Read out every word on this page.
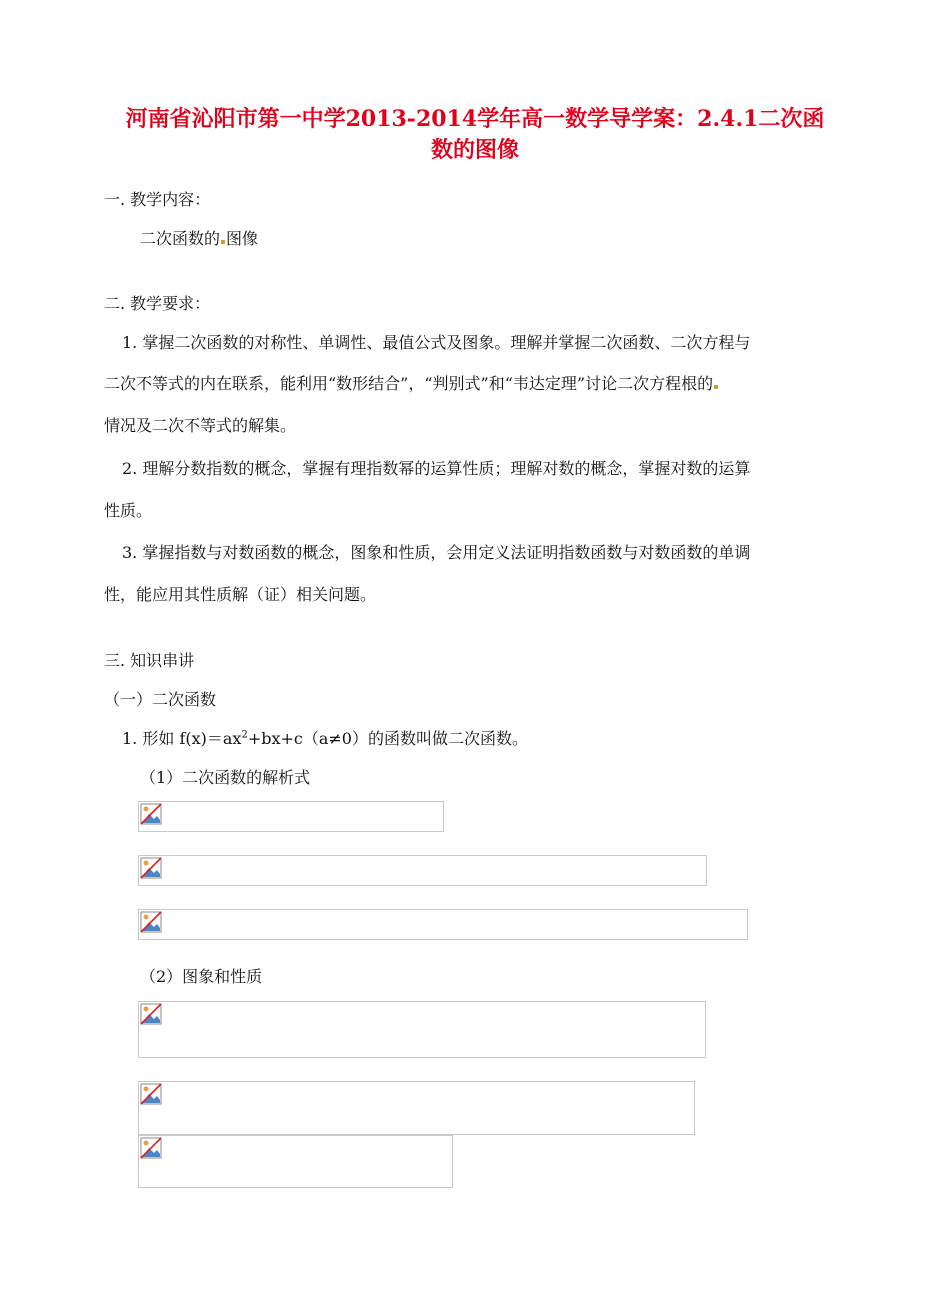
河南省沁阳市第一中学2013-2014学年高一数学导学案：2.4.1二次函
数的图像
一. 教学内容：
二次函数的 图像
二. 教学要求：
1. 掌握二次函数的对称性、单调性、最值公式及图象。理解并掌握二次函数、二次方程与
二次不等式的内在联系，能利用“数形结合”，“判别式”和“韦达定理”讨论二次方程根的
情况及二次不等式的解集。
2. 理解分数指数的概念，掌握有理指数幂的运算性质；理解对数的概念，掌握对数的运算
性质。
3. 掌握指数与对数函数的概念，图象和性质，会用定义法证明指数函数与对数函数的单调
性，能应用其性质解（证）相关问题。
三. 知识串讲
（一）二次函数
1. 形如 $f(x)=ax^2+bx+c(a\ne 0)$的函数叫做二次函数。
（1）二次函数的解析式
（2）图象和性质
